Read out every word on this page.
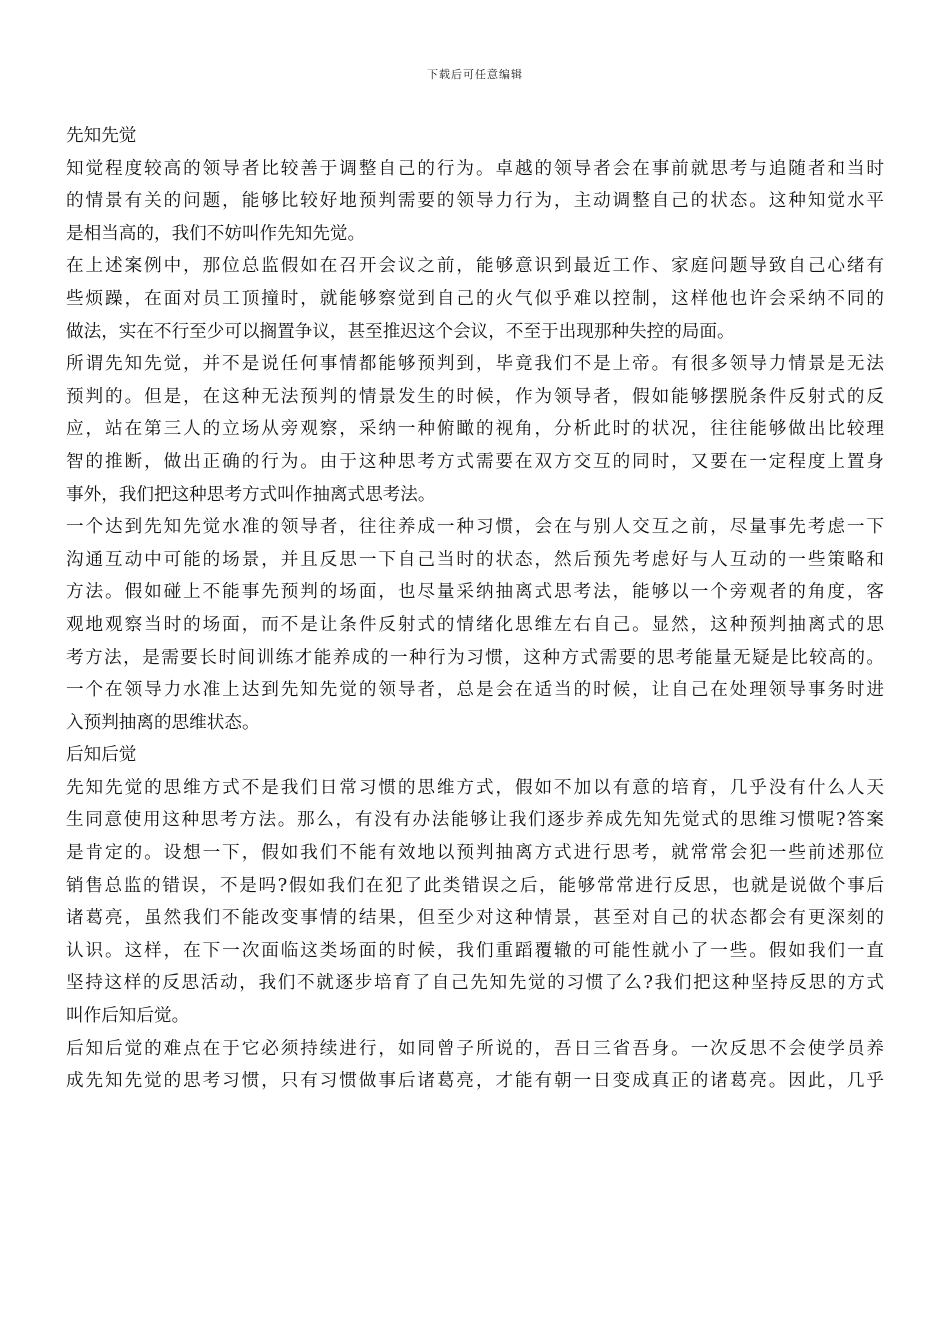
下载后可任意编辑
先知先觉
知觉程度较高的领导者比较善于调整自己的行为。卓越的领导者会在事前就思考与追随者和当时
的情景有关的问题，能够比较好地预判需要的领导力行为，主动调整自己的状态。这种知觉水平
是相当高的，我们不妨叫作先知先觉。
在上述案例中，那位总监假如在召开会议之前，能够意识到最近工作、家庭问题导致自己心绪有
些烦躁，在面对员工顶撞时，就能够察觉到自己的火气似乎难以控制，这样他也许会采纳不同的
做法，实在不行至少可以搁置争议，甚至推迟这个会议，不至于出现那种失控的局面。
所谓先知先觉，并不是说任何事情都能够预判到，毕竟我们不是上帝。有很多领导力情景是无法
预判的。但是，在这种无法预判的情景发生的时候，作为领导者，假如能够摆脱条件反射式的反
应，站在第三人的立场从旁观察，采纳一种俯瞰的视角，分析此时的状况，往往能够做出比较理
智的推断，做出正确的行为。由于这种思考方式需要在双方交互的同时，又要在一定程度上置身
事外，我们把这种思考方式叫作抽离式思考法。
一个达到先知先觉水准的领导者，往往养成一种习惯，会在与别人交互之前，尽量事先考虑一下
沟通互动中可能的场景，并且反思一下自己当时的状态，然后预先考虑好与人互动的一些策略和
方法。假如碰上不能事先预判的场面，也尽量采纳抽离式思考法，能够以一个旁观者的角度，客
观地观察当时的场面，而不是让条件反射式的情绪化思维左右自己。显然，这种预判抽离式的思
考方法，是需要长时间训练才能养成的一种行为习惯，这种方式需要的思考能量无疑是比较高的。
一个在领导力水准上达到先知先觉的领导者，总是会在适当的时候，让自己在处理领导事务时进
入预判抽离的思维状态。
后知后觉
先知先觉的思维方式不是我们日常习惯的思维方式，假如不加以有意的培育，几乎没有什么人天
生同意使用这种思考方法。那么，有没有办法能够让我们逐步养成先知先觉式的思维习惯呢?答案
是肯定的。设想一下，假如我们不能有效地以预判抽离方式进行思考，就常常会犯一些前述那位
销售总监的错误，不是吗?假如我们在犯了此类错误之后，能够常常进行反思，也就是说做个事后
诸葛亮，虽然我们不能改变事情的结果，但至少对这种情景，甚至对自己的状态都会有更深刻的
认识。这样，在下一次面临这类场面的时候，我们重蹈覆辙的可能性就小了一些。假如我们一直
坚持这样的反思活动，我们不就逐步培育了自己先知先觉的习惯了么?我们把这种坚持反思的方式
叫作后知后觉。
后知后觉的难点在于它必须持续进行，如同曾子所说的，吾日三省吾身。一次反思不会使学员养
成先知先觉的思考习惯，只有习惯做事后诸葛亮，才能有朝一日变成真正的诸葛亮。因此，几乎
